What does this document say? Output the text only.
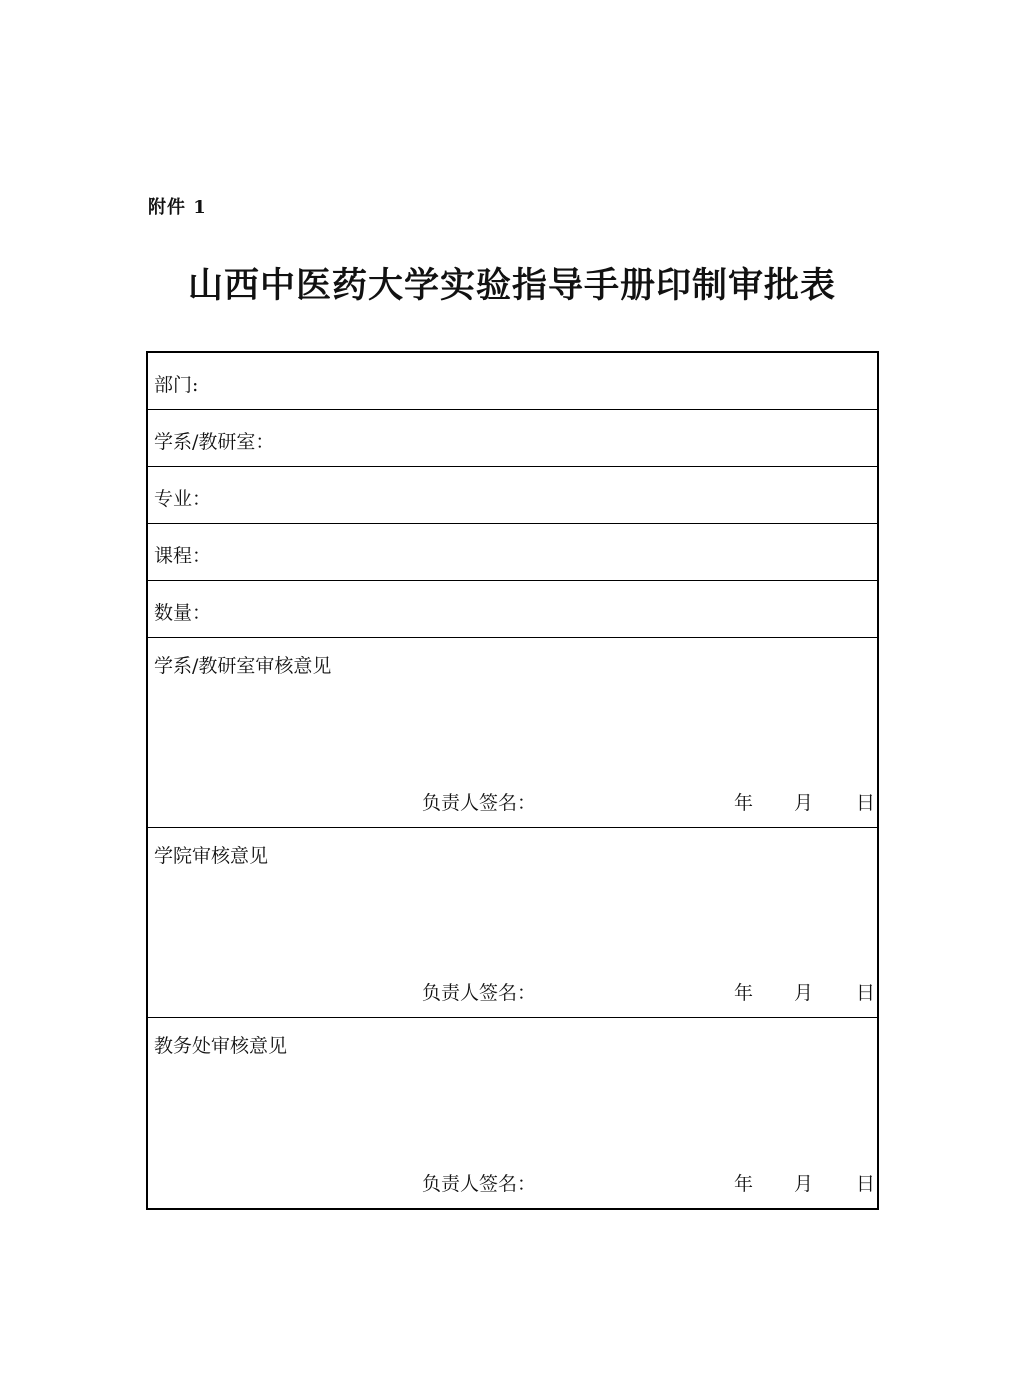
附件 1
山西中医药大学实验指导手册印制审批表
部门:
学系/教研室：
专业：
课程：
数量：
学系/教研室审核意见
负责人签名：	年 月 日
学院审核意见
负责人签名：	年 月 日
教务处审核意见
负责人签名：	年 月 日
